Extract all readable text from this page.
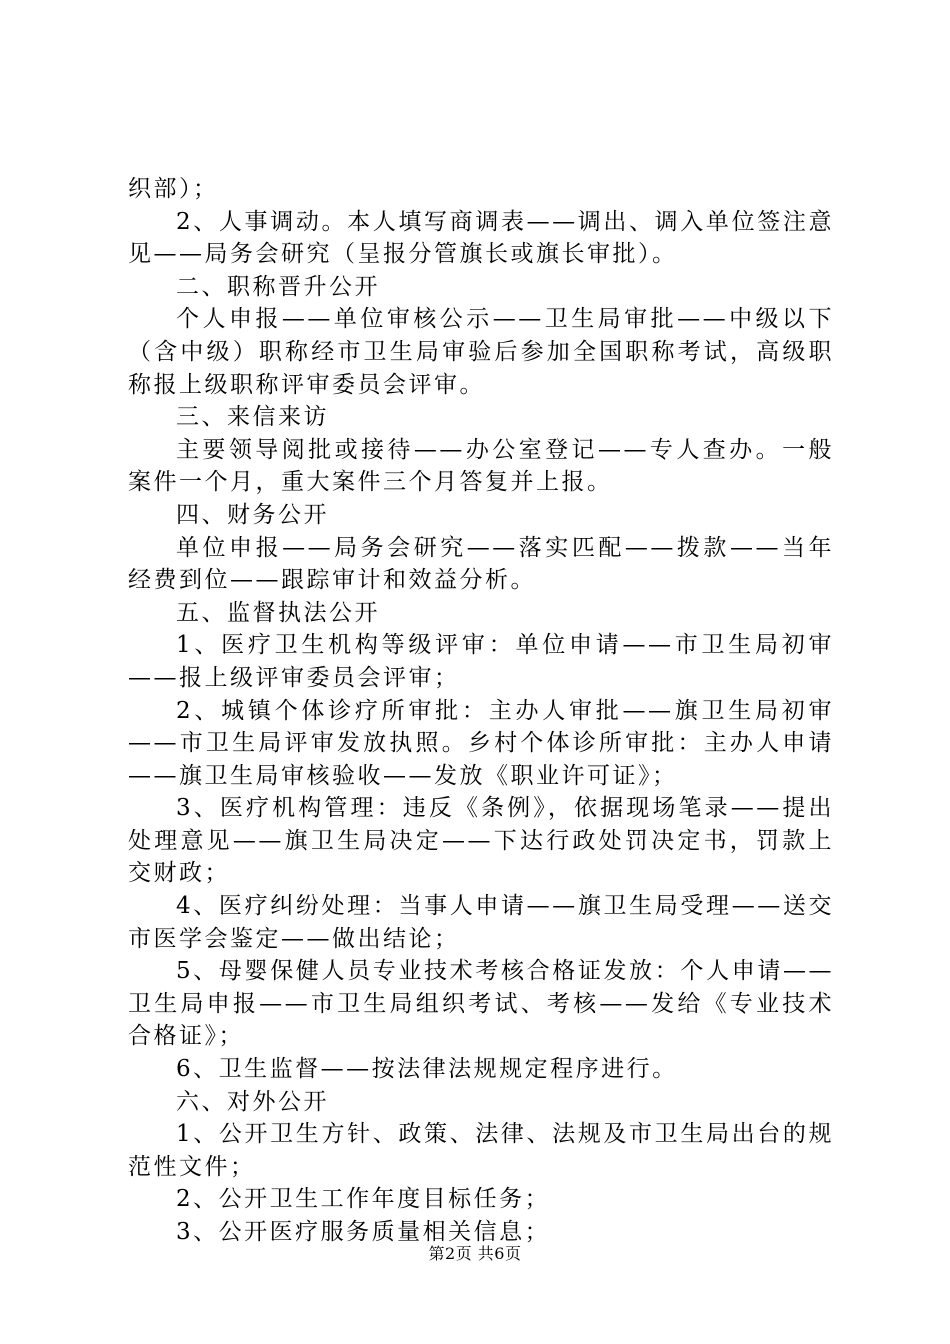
织部）；

2、人事调动。本人填写商调表——调出、调入单位签注意见——局务会研究（呈报分管旗长或旗长审批）。

二、职称晋升公开

个人申报——单位审核公示——卫生局审批——中级以下（含中级）职称经市卫生局审验后参加全国职称考试，高级职称报上级职称评审委员会评审。

三、来信来访

主要领导阅批或接待——办公室登记——专人查办。一般案件一个月，重大案件三个月答复并上报。

四、财务公开

单位申报——局务会研究——落实匹配——拨款——当年经费到位——跟踪审计和效益分析。

五、监督执法公开

1、医疗卫生机构等级评审：单位申请——市卫生局初审——报上级评审委员会评审；

2、城镇个体诊疗所审批：主办人审批——旗卫生局初审——市卫生局评审发放执照。乡村个体诊所审批：主办人申请——旗卫生局审核验收——发放《职业许可证》；

3、医疗机构管理：违反《条例》，依据现场笔录——提出处理意见——旗卫生局决定——下达行政处罚决定书，罚款上交财政；

4、医疗纠纷处理：当事人申请——旗卫生局受理——送交市医学会鉴定——做出结论；

5、母婴保健人员专业技术考核合格证发放：个人申请——卫生局申报——市卫生局组织考试、考核——发给《专业技术合格证》；

6、卫生监督——按法律法规规定程序进行。

六、对外公开

1、公开卫生方针、政策、法律、法规及市卫生局出台的规范性文件；

2、公开卫生工作年度目标任务；

3、公开医疗服务质量相关信息；

第2页 共6页
